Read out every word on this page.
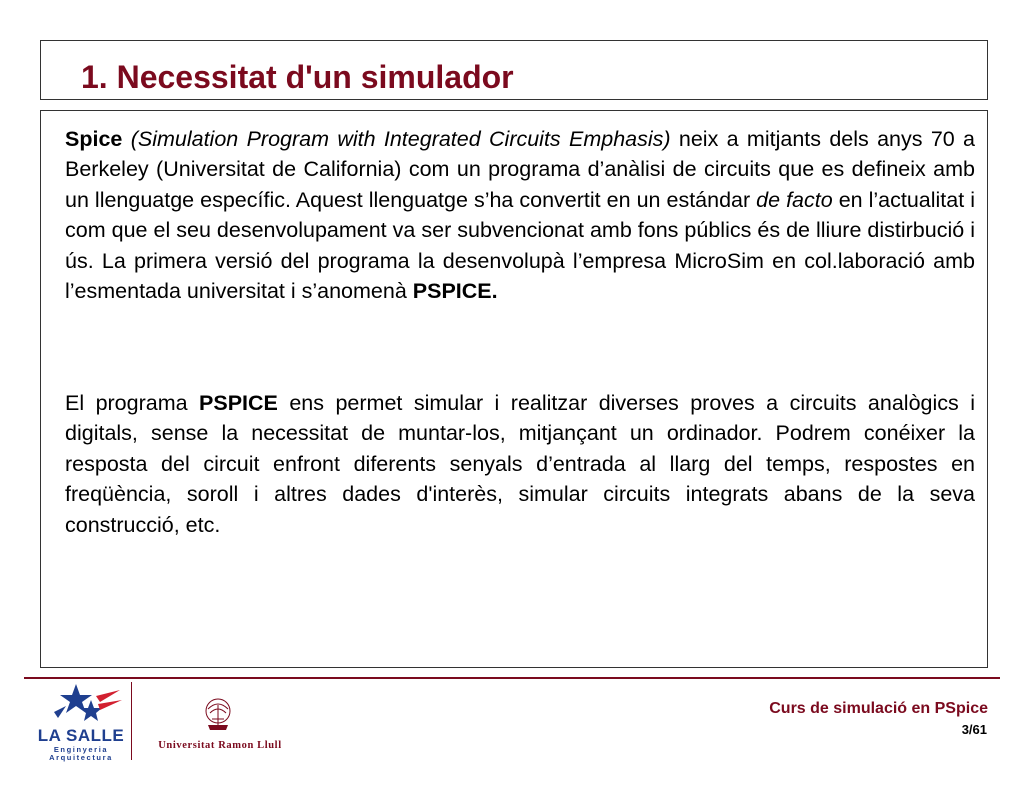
1. Necessitat d'un simulador

Spice (Simulation Program with Integrated Circuits Emphasis) neix a mitjants dels anys 70 a Berkeley (Universitat de California) com un programa d’anàlisi de circuits que es defineix amb un llenguatge específic. Aquest llenguatge s’ha convertit en un estándar de facto en l’actualitat i com que el seu desenvolupament va ser subvencionat amb fons públics és de lliure distirbució i ús. La primera versió del programa la desenvolupà l’empresa MicroSim en col.laboració amb l’esmentada universitat i s’anomenà PSPICE.

El programa PSPICE ens permet simular i realitzar diverses proves a circuits analògics i digitals, sense la necessitat de muntar-los, mitjançant un ordinador. Podrem conéixer la resposta del circuit enfront diferents senyals d’entrada al llarg del temps, respostes en freqüència, soroll i altres dades d'interès, simular circuits integrats abans de la seva construcció, etc.

LA SALLE
Enginyeria
Arquitectura
Universitat Ramon Llull
Curs de simulació en PSpice
3/61
